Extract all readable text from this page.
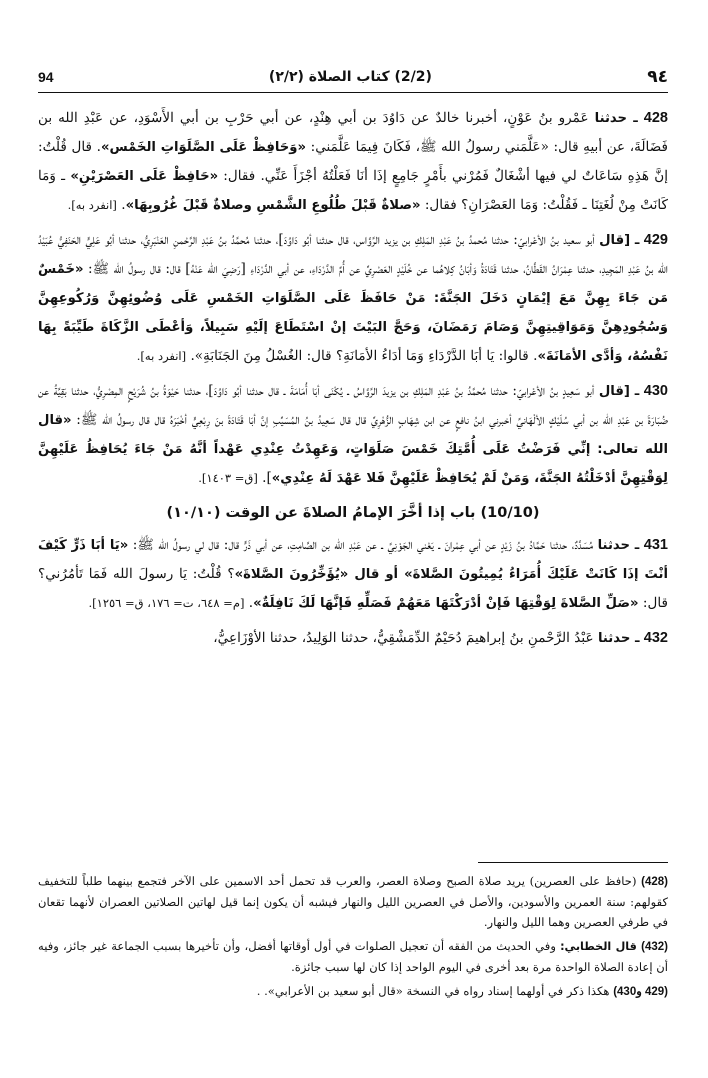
94	(2/2) كتاب الصلاة (٢/٢)	٩٤

428 ـ حدثنا عَمْرو بنُ عَوْنٍ، أخبرنا خالدٌ عن دَاوُدَ بن أبي هِنْدٍ، عن أبي حَرْبِ بن أبي الأَسْوَدِ، عن عَبْدِ الله بن فَضَالَةَ، عن أبيهِ قال: «عَلَّمَني رسولُ الله ﷺ، فَكَانَ فِيمَا عَلَّمَني: «وَحَافِظْ عَلَى الصَّلَوَاتِ الخَمْس». قال قُلْتُ: إنَّ هَذِهِ سَاعَاتٌ لي فيها أشْغَالٌ فَمُرْني بأَمْرٍ جَامِعٍ إذَا أنَا فَعَلْتُهُ أجْزَأَ عَنِّي. فقال: «حَافِظْ عَلَى العَصْرَيْنِ» ـ وَمَا كَانَتْ مِنْ لُغَتِنَا ـ فَقُلْتُ: وَمَا العَصْرَانِ؟ فقال: «صلاةٌ قَبْلَ طُلُوعِ الشَّمْسِ وصلاةٌ قَبْلَ غُرُوبِهَا». [انفرد به].

429 ـ [قال أبو سعيد بنُ الأعْرابيّ: حدثنا مُحمدُ بنُ عَبْدِ المَلِكِ بن يزيد الرَّوَّاس، قال حدثنا أبُو دَاوُدَ]، حدثنا مُحمَّدُ بنُ عَبْدِ الرَّحْمنِ العَنْبَرِيُّ، حدثنا أبُو عَلِيٍّ الحَنَفِيُّ عُبَيْدُ الله بنُ عَبْدِ المَجِيدِ، حدثنا عِمْرَانُ القَطَّانُ، حدثنا قَتَادَةُ وَأبَانُ كِلاهُما عن خُلَيْدٍ العَصْرِيِّ عن أُمِّ الدَّرْدَاءِ، عن أبي الدَّرْدَاءِ [رَضِيَ الله عَنْهُ] قال: قال رسولُ الله ﷺ: «خَمْسٌ مَن جَاءَ بِهِنَّ مَعَ إيْمَانٍ دَخَلَ الجَنَّةَ: مَنْ حَافَظَ عَلَى الصَّلَوَاتِ الخَمْسِ عَلَى وُضُوئِهِنَّ وَرُكُوعِهِنَّ وَسُجُودِهِنَّ وَمَوَاقِيتِهِنَّ وَصَامَ رَمَضَانَ، وَحَجَّ البَيْتَ إنْ اسْتَطَاعَ إلَيْهِ سَبِيلاً، وَأعْطَى الزَّكَاةَ طَيِّبَةً بِهَا نَفْسُهُ، وَأدَّى الأمَانَةَ». قالوا: يَا أبَا الدَّرْدَاءِ وَمَا أدَاءُ الأمَانَةِ؟ قال: الغُسْلُ مِنَ الجَنَابَةِ». [انفرد به].

430 ـ [قال أبو سَعِيدٍ بنُ الأعْرابيّ: حدثنا مُحمَّدُ بنُ عَبْدِ المَلِكِ بن يزيدَ الرَّوَّاسُ ـ يُكْنَى أبَا أُمَامَةَ ـ قال حدثنا أبُو دَاوُدَ]، حدثنا حَيْوَةُ بنُ شُرَيْحٍ المِصْرِيُّ، حدثنا بَقِيَّةُ عن ضُبَارَةَ بن عَبْدِ الله بن أبي سُلَيْكٍ الألْهَانيِّ أخبرني ابنُ نافعٍ عن ابن شِهَابٍ الزُّهْرِيِّ قال قال سَعِيدُ بنُ المُسَيِّبِ إنَّ أبَا قَتَادَةَ بنَ رِبْعِيٍّ أخْبَرَهُ قال قال رسولُ الله ﷺ: «قال الله تعالى: إنِّي فَرَضْتُ عَلَى أُمَّتِكَ خَمْسَ صَلَوَاتٍ، وَعَهِدْتُ عِنْدِي عَهْداً أنَّهُ مَنْ جَاءَ يُحَافِظُ عَلَيْهِنَّ لِوَقْتِهِنَّ أدْخَلْتُهُ الجَنَّةَ، وَمَنْ لَمْ يُحَافِظْ عَلَيْهِنَّ فَلا عَهْدَ لَهُ عِنْدِي»]. [ق= ١٤٠٣].

(10/10) باب إذا أخَّرَ الإمامُ الصلاةَ عن الوقت (١٠/١٠)

431 ـ حدثنا مُسَدَّدٌ، حدثنا حَمَّادُ بنُ زَيْدٍ عن أبي عِمْرانَ ـ يَعْني الجَوْنِيَّ ـ عن عَبْدِ الله بن الصَّامِتِ، عن أبي ذَرٍّ قال: قال لي رسولُ الله ﷺ: «يَا أبَا ذَرٍّ كَيْفَ أنْتَ إذَا كَانَتْ عَلَيْكَ أُمَرَاءُ يُمِيتُونَ الصَّلاةَ» أو قال «يُؤَخِّرُونَ الصَّلاةَ»؟ قُلْتُ: يَا رسولَ الله فَمَا تَأمُرُني؟ قال: «صَلِّ الصَّلاةَ لِوَقْتِهَا فَإنْ أدْرَكْتَهَا مَعَهُمْ فَصَلِّهِ فَإنَّهَا لَكَ نَافِلَةٌ». [م= ٦٤٨، ت= ١٧٦، ق= ١٢٥٦].

432 ـ حدثنا عَبْدُ الرَّحْمنِ بنُ إبراهيمَ دُحَيْمٌ الدِّمَشْقِيُّ، حدثنا الوَلِيدُ، حدثنا الأوْزَاعِيُّ،

(428) (حافظ على العصرين) يريد صلاة الصبح وصلاة العصر، والعرب قد تحمل أحد الاسمين على الآخر فتجمع بينهما طلباً للتخفيف كقولهم: سنة العمرين والأسودين، والأصل في العصرين الليل والنهار فيشبه أن يكون إنما قيل لهاتين الصلاتين العصران لأنهما تقعان في طرفي العصرين وهما الليل والنهار.

(432) قال الخطابي: وفي الحديث من الفقه أن تعجيل الصلوات في أول أوقاتها أفضل، وأن تأخيرها بسبب الجماعة غير جائز، وفيه أن إعادة الصلاة الواحدة مرة بعد أخرى في اليوم الواحد إذا كان لها سبب جائزة.

(429 و430) هكذا ذكر في أولهما إسناد رواه في النسخة «قال أبو سعيد بن الأعرابي». .
